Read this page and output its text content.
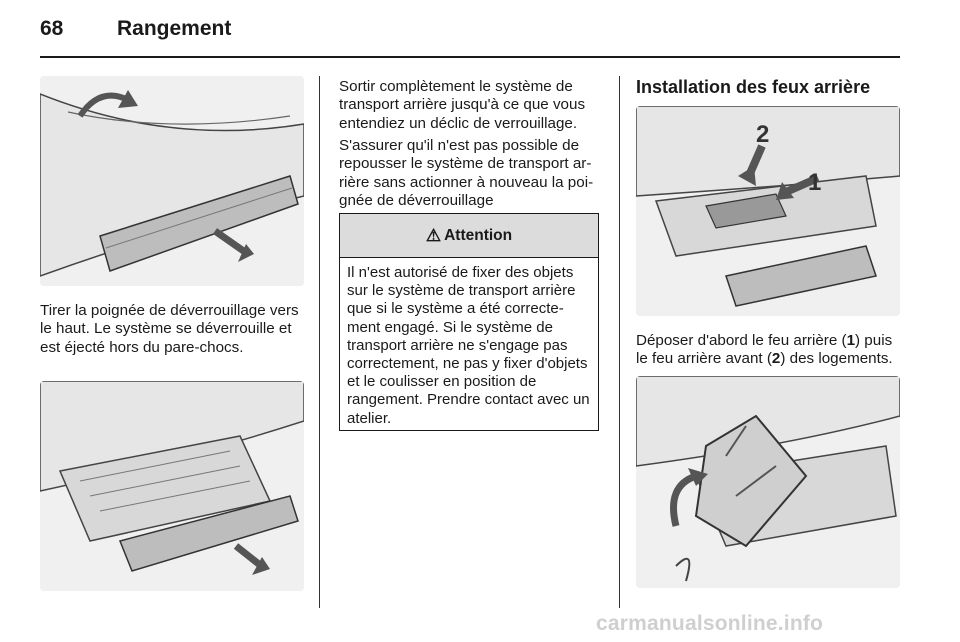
68	Rangement
Tirer la poignée de déverrouillage vers le haut. Le système se déverrouille et est éjecté hors du pare-chocs.
Sortir complètement le système de transport arrière jusqu'à ce que vous entendiez un déclic de verrouillage.
S'assurer qu'il n'est pas possible de repousser le système de transport arrière sans actionner à nouveau la poignée de déverrouillage
⚠ Attention
Il n'est autorisé de fixer des objets sur le système de transport arrière que si le système a été correctement engagé. Si le système de transport arrière ne s'engage pas correctement, ne pas y fixer d'objets et le coulisser en position de rangement. Prendre contact avec un atelier.
Installation des feux arrière
2
1
Déposer d'abord le feu arrière (1) puis le feu arrière avant (2) des logements.
carmanualsonline.info
